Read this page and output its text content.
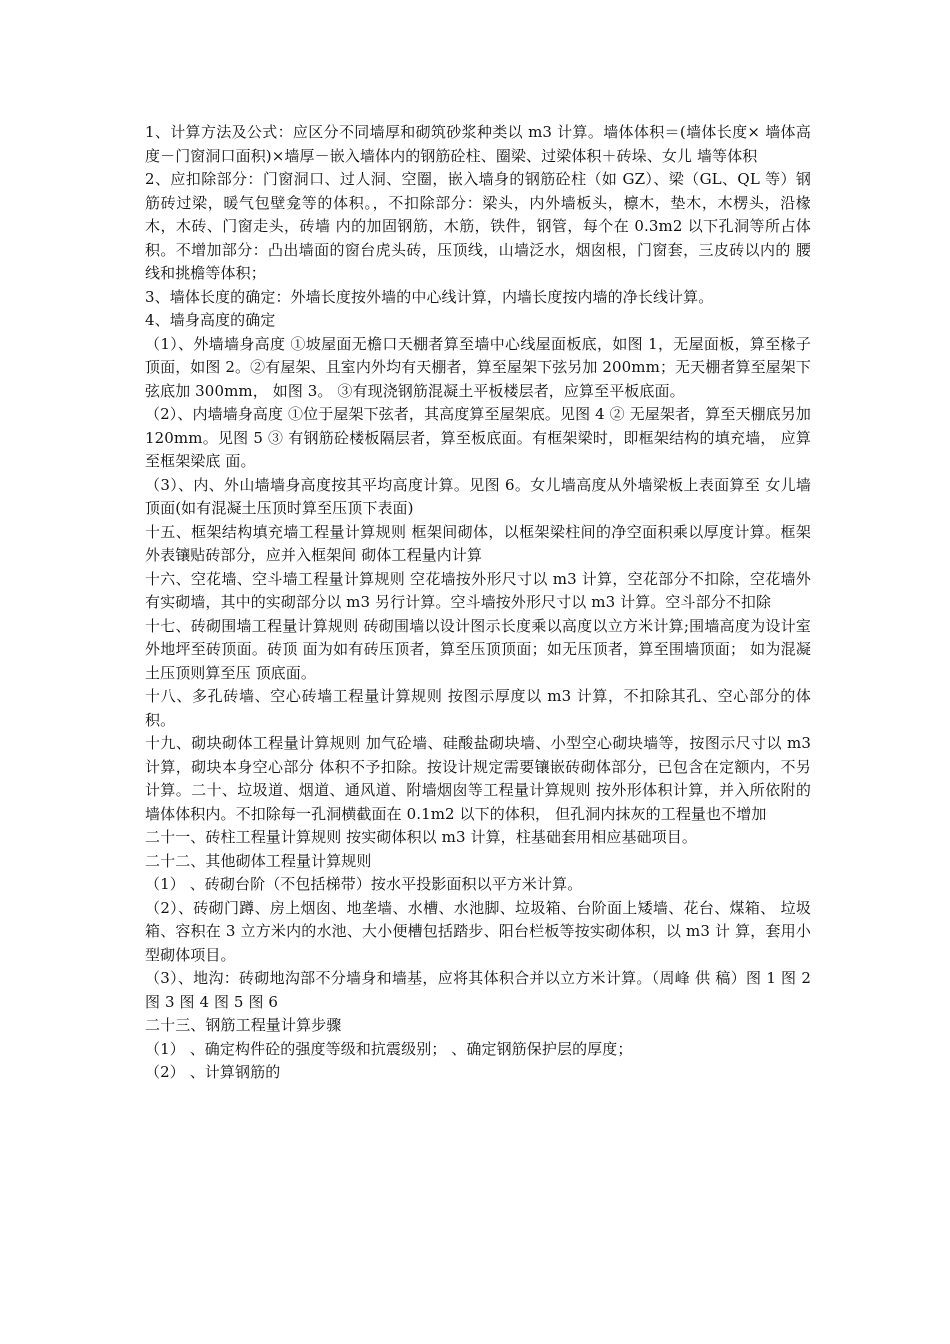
1、计算方法及公式：应区分不同墙厚和砌筑砂浆种类以 m3 计算。墙体体积＝(墙体长度× 墙体高度－门窗洞口面积)×墙厚－嵌入墙体内的钢筋砼柱、圈梁、过梁体积＋砖垛、女儿 墙等体积

2、应扣除部分：门窗洞口、过人洞、空圈，嵌入墙身的钢筋砼柱（如 GZ）、梁（GL、QL 等）钢筋砖过梁，暖气包壁龛等的体积。，不扣除部分：梁头，内外墙板头，檩木，垫木，木楞头，沿椽木，木砖、门窗走头，砖墙 内的加固钢筋，木筋，铁件，钢管，每个在 0.3m2 以下孔洞等所占体积。不增加部分：凸出墙面的窗台虎头砖，压顶线，山墙泛水，烟囱根，门窗套，三皮砖以内的 腰线和挑檐等体积；

3、墙体长度的确定：外墙长度按外墙的中心线计算，内墙长度按内墙的净长线计算。

4、墙身高度的确定

（1）、外墙墙身高度 ①坡屋面无檐口天棚者算至墙中心线屋面板底，如图 1，无屋面板，算至椽子顶面，如图 2。②有屋架、且室内外均有天棚者，算至屋架下弦另加 200mm；无天棚者算至屋架下弦底加 300mm， 如图 3。 ③有现浇钢筋混凝土平板楼层者，应算至平板底面。

（2）、内墙墙身高度 ①位于屋架下弦者，其高度算至屋架底。见图 4 ② 无屋架者，算至天棚底另加 120mm。见图 5 ③ 有钢筋砼楼板隔层者，算至板底面。有框架梁时，即框架结构的填充墙， 应算至框架梁底 面。

（3）、内、外山墙墙身高度按其平均高度计算。见图 6。女儿墙高度从外墙梁板上表面算至 女儿墙顶面(如有混凝土压顶时算至压顶下表面)

十五、框架结构填充墙工程量计算规则 框架间砌体，以框架梁柱间的净空面积乘以厚度计算。框架外表镶贴砖部分，应并入框架间 砌体工程量内计算

十六、空花墙、空斗墙工程量计算规则 空花墙按外形尺寸以 m3 计算，空花部分不扣除，空花墙外有实砌墙，其中的实砌部分以 m3 另行计算。空斗墙按外形尺寸以 m3 计算。空斗部分不扣除

十七、砖砌围墙工程量计算规则 砖砌围墙以设计图示长度乘以高度以立方米计算;围墙高度为设计室外地坪至砖顶面。砖顶 面为如有砖压顶者，算至压顶顶面；如无压顶者，算至围墙顶面； 如为混凝土压顶则算至压 顶底面。

十八、多孔砖墙、空心砖墙工程量计算规则 按图示厚度以 m3 计算，不扣除其孔、空心部分的体积。

十九、砌块砌体工程量计算规则 加气砼墙、硅酸盐砌块墙、小型空心砌块墙等，按图示尺寸以 m3 计算，砌块本身空心部分 体积不予扣除。按设计规定需要镶嵌砖砌体部分，已包含在定额内，不另计算。二十、垃圾道、烟道、通风道、附墙烟囱等工程量计算规则 按外形体积计算，并入所依附的墙体体积内。不扣除每一孔洞横截面在 0.1m2 以下的体积， 但孔洞内抹灰的工程量也不增加

二十一、砖柱工程量计算规则 按实砌体积以 m3 计算，柱基础套用相应基础项目。

二十二、其他砌体工程量计算规则

（1） 、砖砌台阶（不包括梯带）按水平投影面积以平方米计算。

（2）、砖砌门蹲、房上烟囱、地垄墙、水槽、水池脚、垃圾箱、台阶面上矮墙、花台、煤箱、 垃圾箱、容积在 3 立方米内的水池、大小便槽包括踏步、阳台栏板等按实砌体积，以 m3 计 算，套用小型砌体项目。

（3）、地沟：砖砌地沟部不分墙身和墙基，应将其体积合并以立方米计算。（周峰 供 稿）图 1 图 2 图 3 图 4 图 5 图 6

二十三、钢筋工程量计算步骤

（1） 、确定构件砼的强度等级和抗震级别； 、确定钢筋保护层的厚度；

（2） 、计算钢筋的
